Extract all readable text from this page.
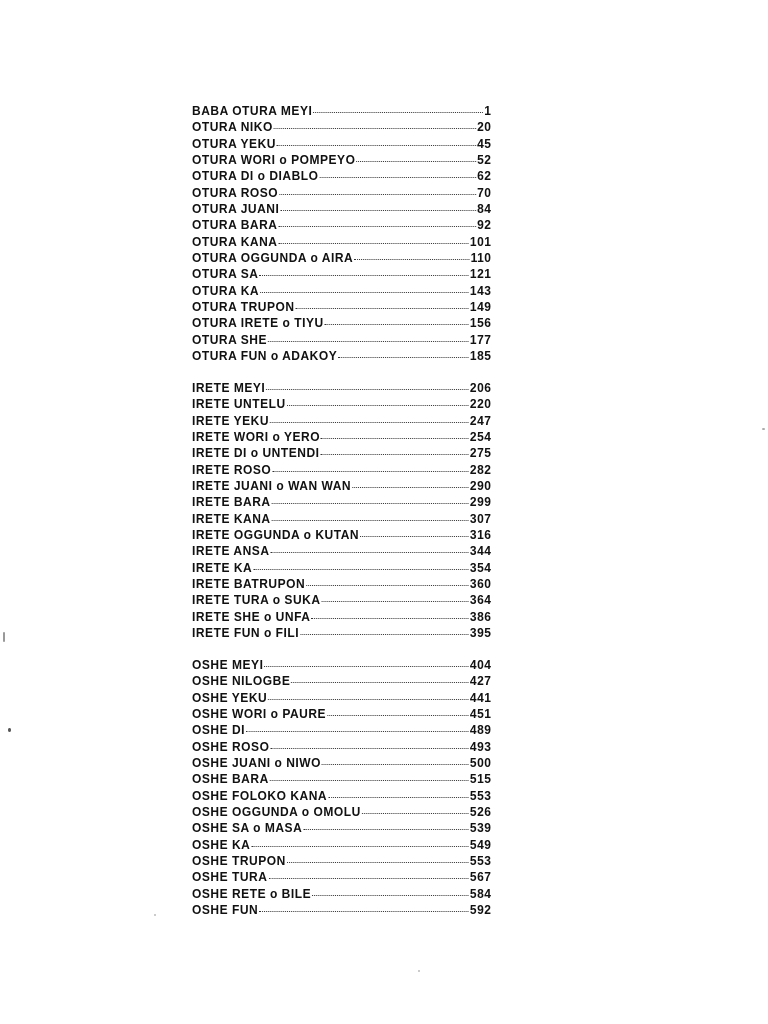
BABA OTURA MEYI	1
OTURA NIKO	20
OTURA YEKU	45
OTURA WORI o POMPEYO	52
OTURA DI o DIABLO	62
OTURA ROSO	70
OTURA JUANI	84
OTURA BARA	92
OTURA KANA	101
OTURA OGGUNDA o AIRA	110
OTURA SA	121
OTURA KA	143
OTURA TRUPON	149
OTURA IRETE o TIYU	156
OTURA SHE	177
OTURA FUN o ADAKOY	185
IRETE MEYI	206
IRETE UNTELU	220
IRETE YEKU	247
IRETE WORI o YERO	254
IRETE DI o UNTENDI	275
IRETE ROSO	282
IRETE JUANI o WAN WAN	290
IRETE BARA	299
IRETE KANA	307
IRETE OGGUNDA o KUTAN	316
IRETE ANSA	344
IRETE KA	354
IRETE BATRUPON	360
IRETE TURA o SUKA	364
IRETE SHE o UNFA	386
IRETE FUN o FILI	395
OSHE MEYI	404
OSHE NILOGBE	427
OSHE YEKU	441
OSHE WORI o PAURE	451
OSHE DI	489
OSHE ROSO	493
OSHE JUANI o NIWO	500
OSHE BARA	515
OSHE FOLOKO KANA	553
OSHE OGGUNDA o OMOLU	526
OSHE SA o MASA	539
OSHE KA	549
OSHE TRUPON	553
OSHE TURA	567
OSHE RETE o BILE	584
OSHE FUN	592
